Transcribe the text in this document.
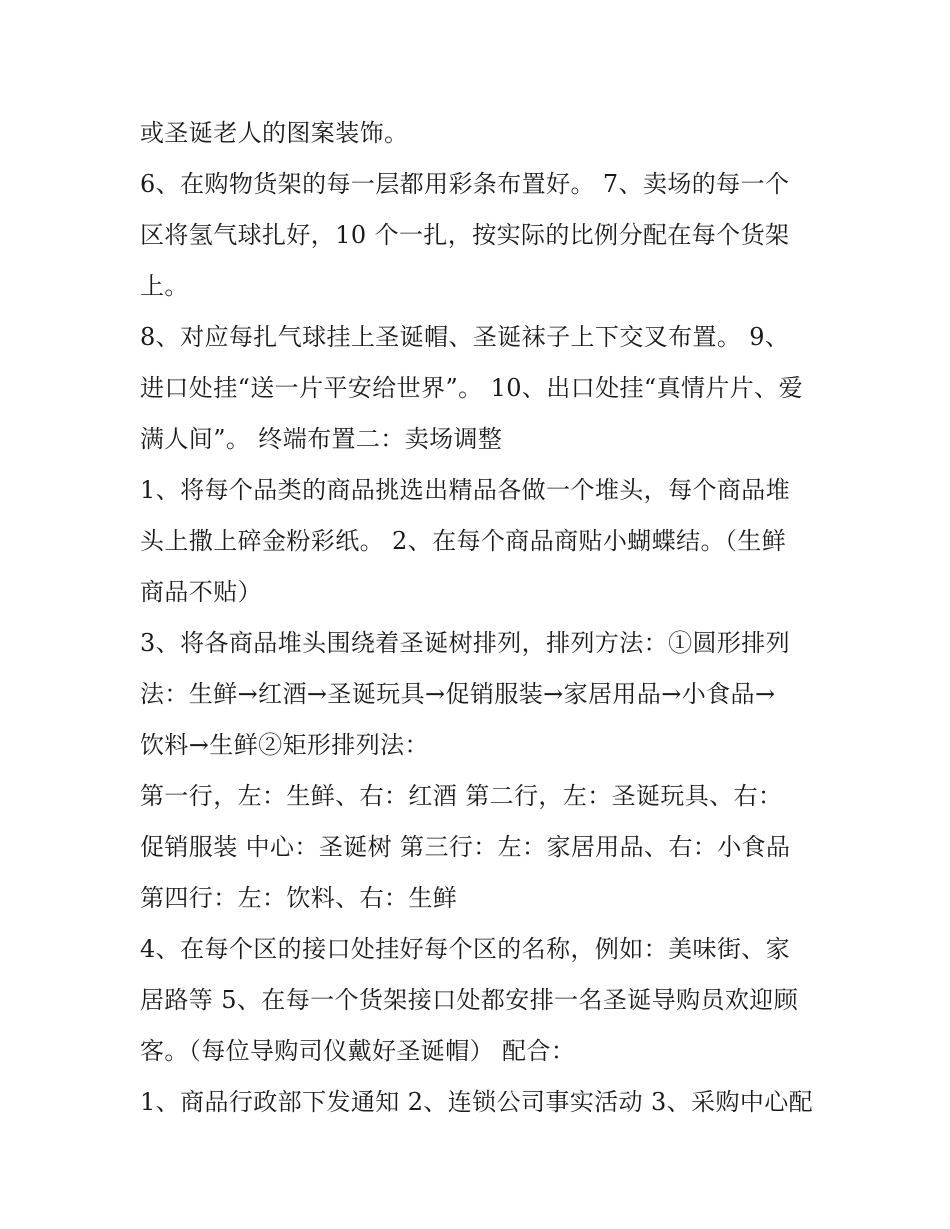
或圣诞老人的图案装饰。
6、在购物货架的每一层都用彩条布置好。 7、卖场的每一个
区将氢气球扎好，10 个一扎，按实际的比例分配在每个货架
上。
8、对应每扎气球挂上圣诞帽、圣诞袜子上下交叉布置。 9、
进口处挂“送一片平安给世界”。 10、出口处挂“真情片片、爱
满人间”。 终端布置二：卖场调整
1、将每个品类的商品挑选出精品各做一个堆头，每个商品堆
头上撒上碎金粉彩纸。 2、在每个商品商贴小蝴蝶结。（生鲜
商品不贴）
3、将各商品堆头围绕着圣诞树排列，排列方法：①圆形排列
法：生鲜→红酒→圣诞玩具→促销服装→家居用品→小食品→
饮料→生鲜②矩形排列法：
第一行，左：生鲜、右：红酒 第二行，左：圣诞玩具、右：
促销服装 中心：圣诞树 第三行：左：家居用品、右：小食品
第四行：左：饮料、右：生鲜
4、在每个区的接口处挂好每个区的名称，例如：美味街、家
居路等 5、在每一个货架接口处都安排一名圣诞导购员欢迎顾
客。（每位导购司仪戴好圣诞帽） 配合：
1、商品行政部下发通知 2、连锁公司事实活动 3、采购中心配
